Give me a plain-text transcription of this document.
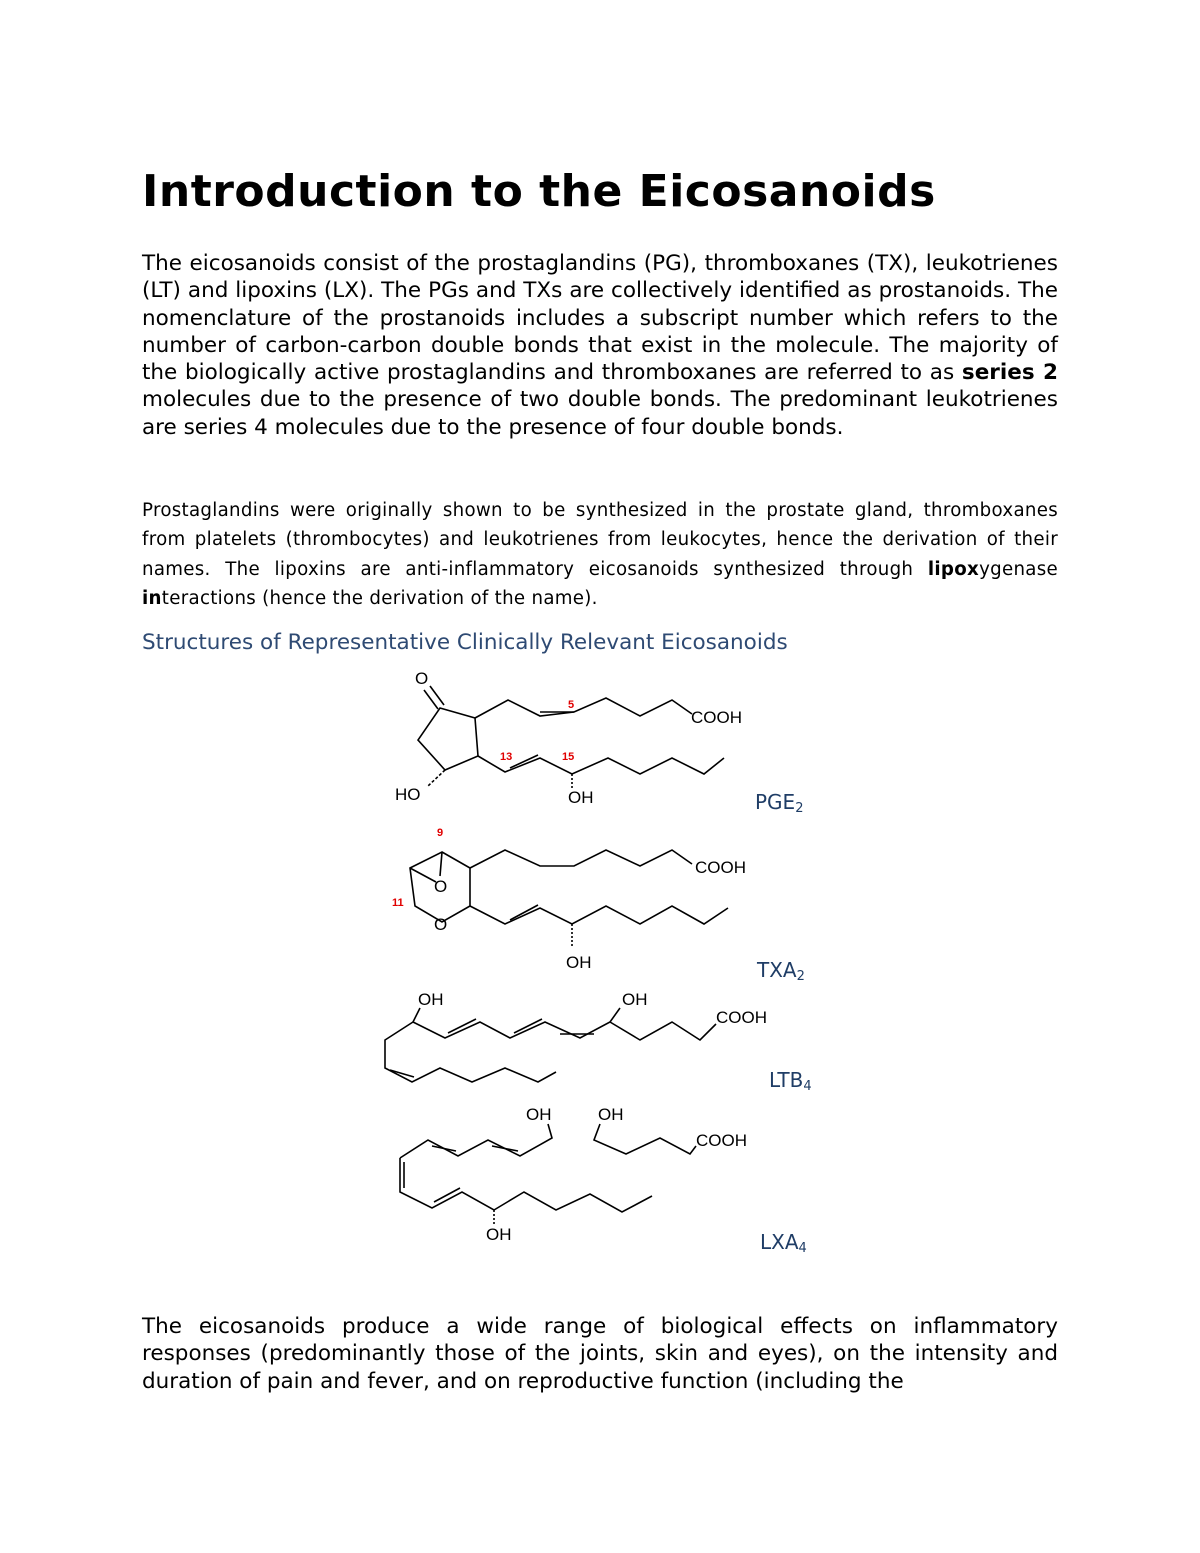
Introduction to the Eicosanoids

The eicosanoids consist of the prostaglandins (PG), thromboxanes (TX), leukotrienes (LT) and lipoxins (LX). The PGs and TXs are collectively identified as prostanoids. The nomenclature of the prostanoids includes a subscript number which refers to the number of carbon-carbon double bonds that exist in the molecule. The majority of the biologically active prostaglandins and thromboxanes are referred to as series 2 molecules due to the presence of two double bonds. The predominant leukotrienes are series 4 molecules due to the presence of four double bonds.

Prostaglandins were originally shown to be synthesized in the prostate gland, thromboxanes from platelets (thrombocytes) and leukotrienes from leukocytes, hence the derivation of their names. The lipoxins are anti-inflammatory eicosanoids synthesized through lipoxygenase interactions (hence the derivation of the name).

Structures of Representative Clinically Relevant Eicosanoids

The eicosanoids produce a wide range of biological effects on inflammatory responses (predominantly those of the joints, skin and eyes), on the intensity and duration of pain and fever, and on reproductive function (including the

O
5
COOH
13	15
HO	OH
9
O
11
O
COOH
OH
OH	OH
COOH
OH	OH
COOH
OH
$PGE_2$
$TXA_2$
$LTB_4$
$LXA_4$
